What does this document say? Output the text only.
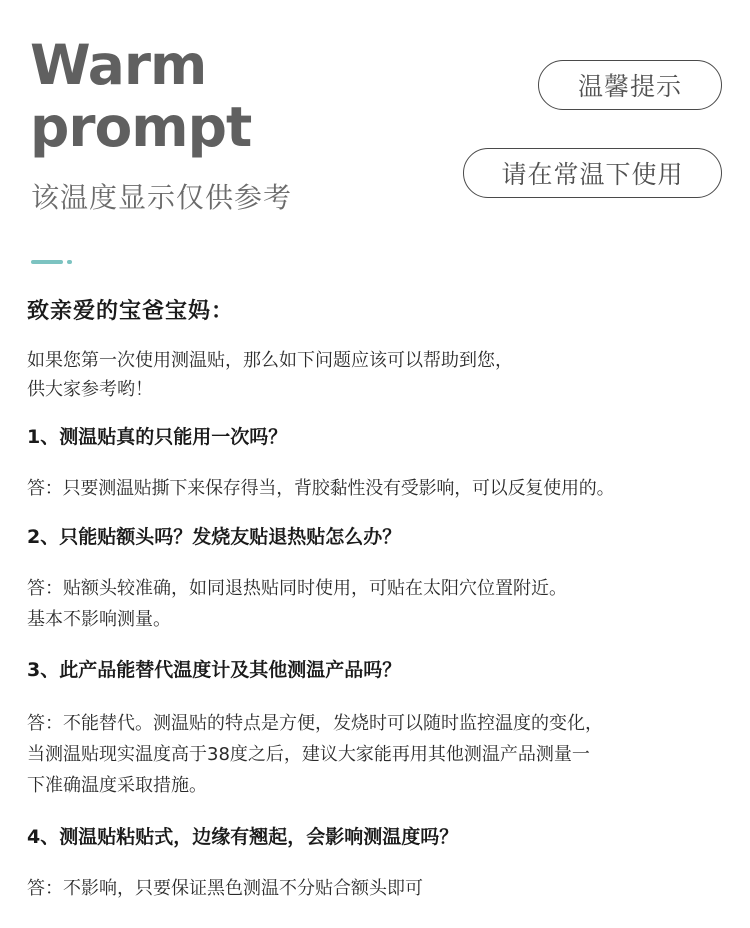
Warm
prompt
该温度显示仅供参考
温馨提示
请在常温下使用
致亲爱的宝爸宝妈：
如果您第一次使用测温贴，那么如下问题应该可以帮助到您，
供大家参考哟！
1、测温贴真的只能用一次吗？
答：只要测温贴撕下来保存得当，背胶黏性没有受影响，可以反复使用的。
2、只能贴额头吗？发烧友贴退热贴怎么办？
答：贴额头较准确，如同退热贴同时使用，可贴在太阳穴位置附近。
基本不影响测量。
3、此产品能替代温度计及其他测温产品吗？
答：不能替代。测温贴的特点是方便，发烧时可以随时监控温度的变化，
当测温贴现实温度高于38度之后，建议大家能再用其他测温产品测量一
下准确温度采取措施。
4、测温贴粘贴式，边缘有翘起，会影响测温度吗？
答：不影响，只要保证黑色测温不分贴合额头即可
